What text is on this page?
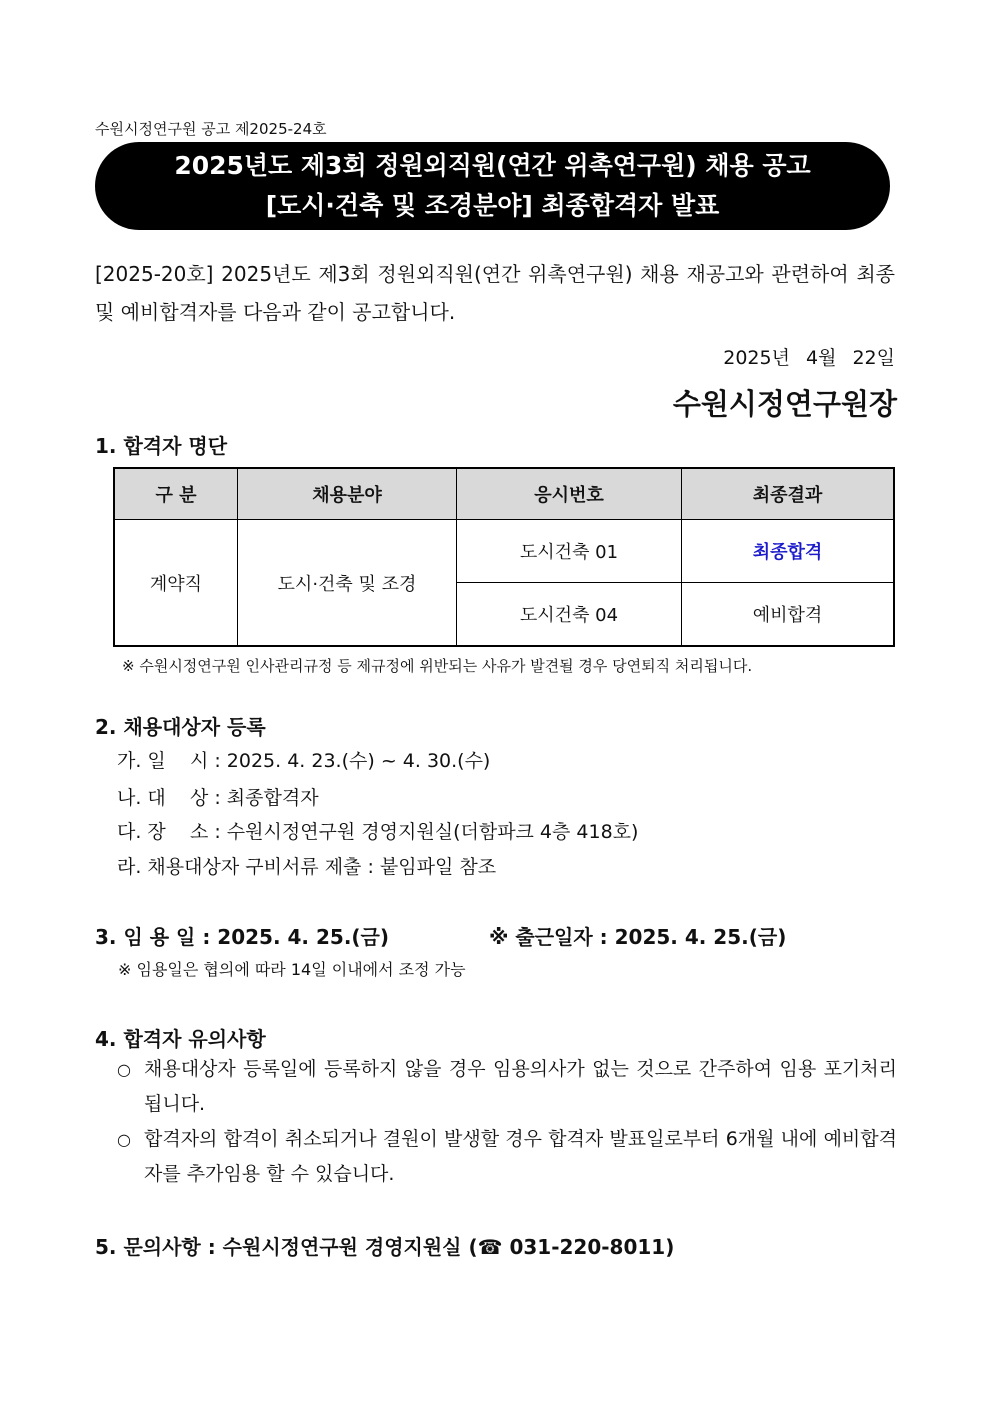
수원시정연구원 공고 제2025-24호
2025년도 제3회 정원외직원(연간 위촉연구원) 채용 공고
[도시·건축 및 조경분야] 최종합격자 발표
[2025-20호] 2025년도 제3회 정원외직원(연간 위촉연구원) 채용 재공고와 관련하여 최종 및 예비합격자를 다음과 같이 공고합니다.
2025년 4월 22일
수원시정연구원장
1. 합격자 명단
구 분	채용분야	응시번호	최종결과
계약직	도시·건축 및 조경	도시건축 01	최종합격
		도시건축 04	예비합격
※ 수원시정연구원 인사관리규정 등 제규정에 위반되는 사유가 발견될 경우 당연퇴직 처리됩니다.
2. 채용대상자 등록
가. 일    시 : 2025. 4. 23.(수) ~ 4. 30.(수)
나. 대    상 : 최종합격자
다. 장    소 : 수원시정연구원 경영지원실(더함파크 4층 418호)
라. 채용대상자 구비서류 제출 : 붙임파일 참조
3. 임 용 일 : 2025. 4. 25.(금)	※ 출근일자 : 2025. 4. 25.(금)
※ 임용일은 협의에 따라 14일 이내에서 조정 가능
4. 합격자 유의사항
○ 채용대상자 등록일에 등록하지 않을 경우 임용의사가 없는 것으로 간주하여 임용 포기처리 됩니다.
○ 합격자의 합격이 취소되거나 결원이 발생할 경우 합격자 발표일로부터 6개월 내에 예비합격자를 추가임용 할 수 있습니다.
5. 문의사항 : 수원시정연구원 경영지원실 (☎ 031-220-8011)
